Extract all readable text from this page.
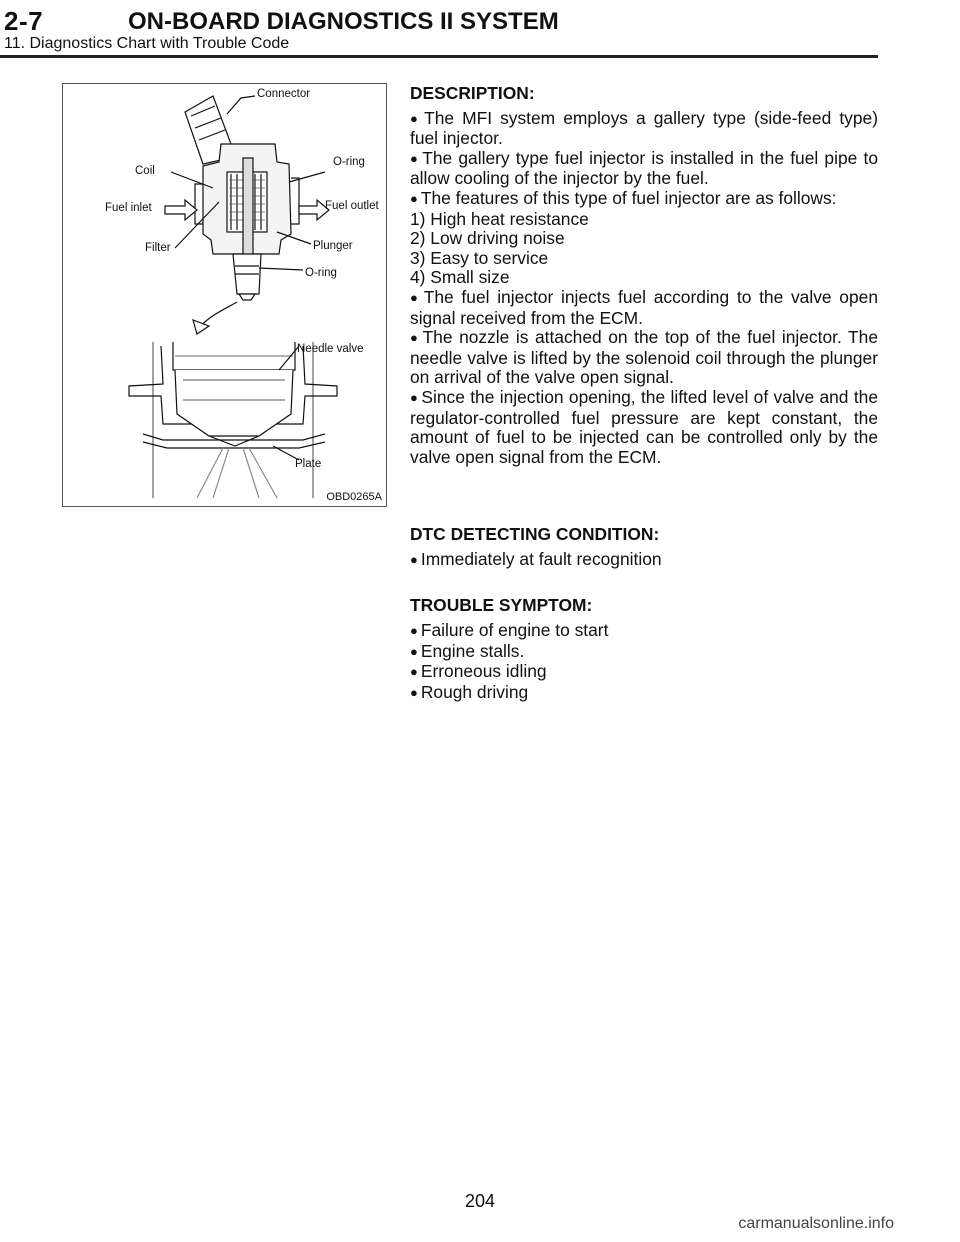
2-7	ON-BOARD DIAGNOSTICS II SYSTEM
11. Diagnostics Chart with Trouble Code
Connector
Coil
O-ring
Fuel inlet	Fuel outlet
Filter	Plunger
O-ring
Needle valve
Plate
OBD0265A
DESCRIPTION:

● The MFI system employs a gallery type (side-feed type) fuel injector.

● The gallery type fuel injector is installed in the fuel pipe to allow cooling of the injector by the fuel.

● The features of this type of fuel injector are as follows:

1) High heat resistance

2) Low driving noise

3) Easy to service

4) Small size

● The fuel injector injects fuel according to the valve open signal received from the ECM.

● The nozzle is attached on the top of the fuel injector. The needle valve is lifted by the solenoid coil through the plunger on arrival of the valve open signal.

● Since the injection opening, the lifted level of valve and the regulator-controlled fuel pressure are kept constant, the amount of fuel to be injected can be controlled only by the valve open signal from the ECM.

DTC DETECTING CONDITION:

● Immediately at fault recognition

TROUBLE SYMPTOM:

● Failure of engine to start

● Engine stalls.

● Erroneous idling

● Rough driving

204
carmanualsonline.info
